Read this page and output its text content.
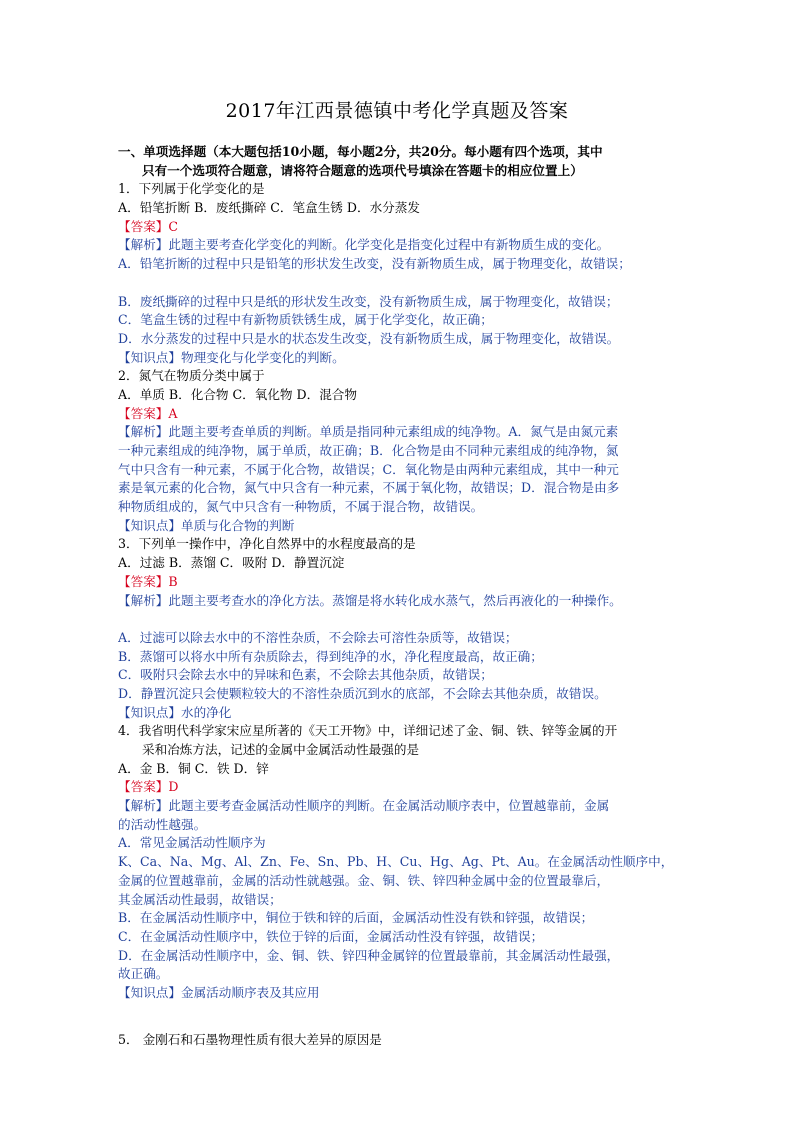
2017年江西景德镇中考化学真题及答案
一、单项选择题（本大题包括10小题，每小题2分，共20分。每小题有四个选项，其中
只有一个选项符合题意，请将符合题意的选项代号填涂在答题卡的相应位置上）
1．下列属于化学变化的是
A．铅笔折断 B．废纸撕碎 C．笔盒生锈 D．水分蒸发
【答案】C
【解析】此题主要考查化学变化的判断。化学变化是指变化过程中有新物质生成的变化。
A．铅笔折断的过程中只是铅笔的形状发生改变，没有新物质生成，属于物理变化，故错误；
B．废纸撕碎的过程中只是纸的形状发生改变，没有新物质生成，属于物理变化，故错误；
C．笔盒生锈的过程中有新物质铁锈生成，属于化学变化，故正确；
D．水分蒸发的过程中只是水的状态发生改变，没有新物质生成，属于物理变化，故错误。
【知识点】物理变化与化学变化的判断。
2．氮气在物质分类中属于
A．单质 B．化合物 C．氧化物 D．混合物
【答案】A
【解析】此题主要考查单质的判断。单质是指同种元素组成的纯净物。A．氮气是由氮元素
一种元素组成的纯净物，属于单质，故正确；B．化合物是由不同种元素组成的纯净物，氮
气中只含有一种元素，不属于化合物，故错误；C．氧化物是由两种元素组成，其中一种元
素是氧元素的化合物，氮气中只含有一种元素，不属于氧化物，故错误；D．混合物是由多
种物质组成的，氮气中只含有一种物质，不属于混合物，故错误。
【知识点】单质与化合物的判断
3．下列单一操作中，净化自然界中的水程度最高的是
A．过滤 B．蒸馏 C．吸附 D．静置沉淀
【答案】B
【解析】此题主要考查水的净化方法。蒸馏是将水转化成水蒸气，然后再液化的一种操作。
A．过滤可以除去水中的不溶性杂质，不会除去可溶性杂质等，故错误；
B．蒸馏可以将水中所有杂质除去，得到纯净的水，净化程度最高，故正确；
C．吸附只会除去水中的异味和色素，不会除去其他杂质，故错误；
D．静置沉淀只会使颗粒较大的不溶性杂质沉到水的底部，不会除去其他杂质，故错误。
【知识点】水的净化
4．我省明代科学家宋应星所著的《天工开物》中，详细记述了金、铜、铁、锌等金属的开
采和冶炼方法，记述的金属中金属活动性最强的是
A．金 B．铜 C．铁 D．锌
【答案】D
【解析】此题主要考查金属活动性顺序的判断。在金属活动顺序表中，位置越靠前，金属
的活动性越强。
A．常见金属活动性顺序为
K、Ca、Na、Mg、Al、Zn、Fe、Sn、Pb、H、Cu、Hg、Ag、Pt、Au。在金属活动性顺序中，
金属的位置越靠前，金属的活动性就越强。金、铜、铁、锌四种金属中金的位置最靠后，
其金属活动性最弱，故错误；
B．在金属活动性顺序中，铜位于铁和锌的后面，金属活动性没有铁和锌强，故错误；
C．在金属活动性顺序中，铁位于锌的后面，金属活动性没有锌强，故错误；
D．在金属活动性顺序中，金、铜、铁、锌四种金属锌的位置最靠前，其金属活动性最强，
故正确。
【知识点】金属活动顺序表及其应用
5． 金刚石和石墨物理性质有很大差异的原因是
